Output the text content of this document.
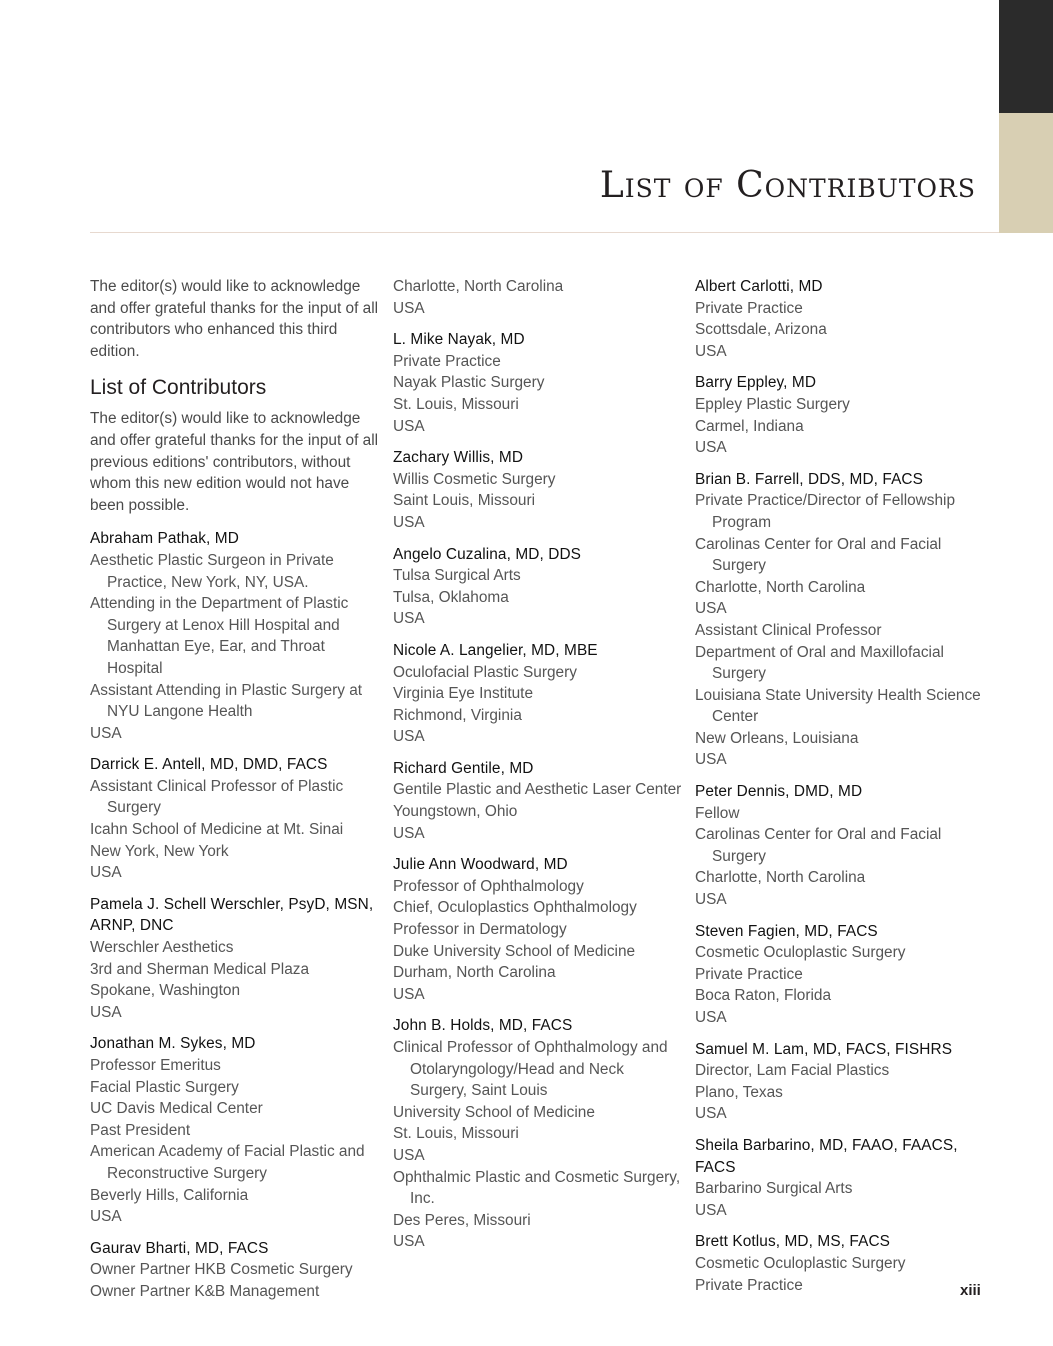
List of Contributors

The editor(s) would like to acknowledge and offer grateful thanks for the input of all contributors who enhanced this third edition.

List of Contributors

The editor(s) would like to acknowledge and offer grateful thanks for the input of all previous editions' contributors, without whom this new edition would not have been possible.

Abraham Pathak, MD
Aesthetic Plastic Surgeon in Private Practice, New York, NY, USA.
Attending in the Department of Plastic Surgery at Lenox Hill Hospital and Manhattan Eye, Ear, and Throat Hospital
Assistant Attending in Plastic Surgery at NYU Langone Health
USA
Darrick E. Antell, MD, DMD, FACS
Assistant Clinical Professor of Plastic Surgery
Icahn School of Medicine at Mt. Sinai
New York, New York
USA
Pamela J. Schell Werschler, PsyD, MSN, ARNP, DNC
Werschler Aesthetics
3rd and Sherman Medical Plaza
Spokane, Washington
USA
Jonathan M. Sykes, MD
Professor Emeritus
Facial Plastic Surgery
UC Davis Medical Center
Past President
American Academy of Facial Plastic and Reconstructive Surgery
Beverly Hills, California
USA
Gaurav Bharti, MD, FACS
Owner Partner HKB Cosmetic Surgery
Owner Partner K&B Management
Charlotte, North Carolina
USA
L. Mike Nayak, MD
Private Practice
Nayak Plastic Surgery
St. Louis, Missouri
USA
Zachary Willis, MD
Willis Cosmetic Surgery
Saint Louis, Missouri
USA
Angelo Cuzalina, MD, DDS
Tulsa Surgical Arts
Tulsa, Oklahoma
USA
Nicole A. Langelier, MD, MBE
Oculofacial Plastic Surgery
Virginia Eye Institute
Richmond, Virginia
USA
Richard Gentile, MD
Gentile Plastic and Aesthetic Laser Center
Youngstown, Ohio
USA
Julie Ann Woodward, MD
Professor of Ophthalmology
Chief, Oculoplastics Ophthalmology
Professor in Dermatology
Duke University School of Medicine
Durham, North Carolina
USA
John B. Holds, MD, FACS
Clinical Professor of Ophthalmology and Otolaryngology/Head and Neck Surgery, Saint Louis
University School of Medicine
St. Louis, Missouri
USA
Ophthalmic Plastic and Cosmetic Surgery, Inc.
Des Peres, Missouri
USA
Albert Carlotti, MD
Private Practice
Scottsdale, Arizona
USA
Barry Eppley, MD
Eppley Plastic Surgery
Carmel, Indiana
USA
Brian B. Farrell, DDS, MD, FACS
Private Practice/Director of Fellowship Program
Carolinas Center for Oral and Facial Surgery
Charlotte, North Carolina
USA
Assistant Clinical Professor
Department of Oral and Maxillofacial Surgery
Louisiana State University Health Science Center
New Orleans, Louisiana
USA
Peter Dennis, DMD, MD
Fellow
Carolinas Center for Oral and Facial Surgery
Charlotte, North Carolina
USA
Steven Fagien, MD, FACS
Cosmetic Oculoplastic Surgery
Private Practice
Boca Raton, Florida
USA
Samuel M. Lam, MD, FACS, FISHRS
Director, Lam Facial Plastics
Plano, Texas
USA
Sheila Barbarino, MD, FAAO, FAACS, FACS
Barbarino Surgical Arts
USA
Brett Kotlus, MD, MS, FACS
Cosmetic Oculoplastic Surgery
Private Practice	xiii
